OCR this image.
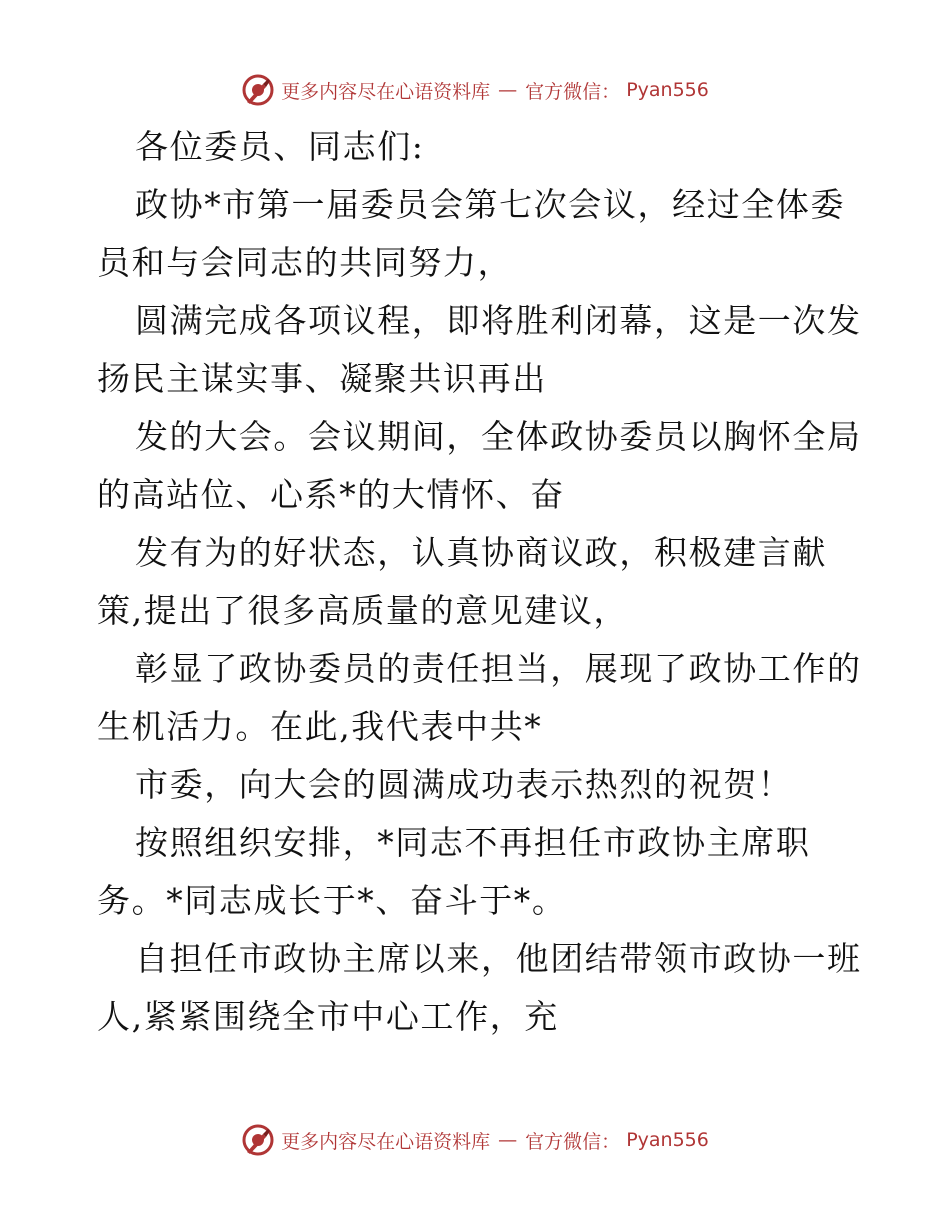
更多内容尽在心语资料库 — 官方微信： Pyan556
各位委员、同志们:
政协*市第一届委员会第七次会议，经过全体委
员和与会同志的共同努力，
圆满完成各项议程，即将胜利闭幕，这是一次发
扬民主谋实事、凝聚共识再出
发的大会。会议期间，全体政协委员以胸怀全局
的高站位、心系*的大情怀、奋
发有为的好状态，认真协商议政，积极建言献
策,提出了很多高质量的意见建议，
彰显了政协委员的责任担当，展现了政协工作的
生机活力。在此,我代表中共*
市委，向大会的圆满成功表示热烈的祝贺！
按照组织安排，*同志不再担任市政协主席职
务。*同志成长于*、奋斗于*。
自担任市政协主席以来，他团结带领市政协一班
人,紧紧围绕全市中心工作，充
更多内容尽在心语资料库 — 官方微信： Pyan556
